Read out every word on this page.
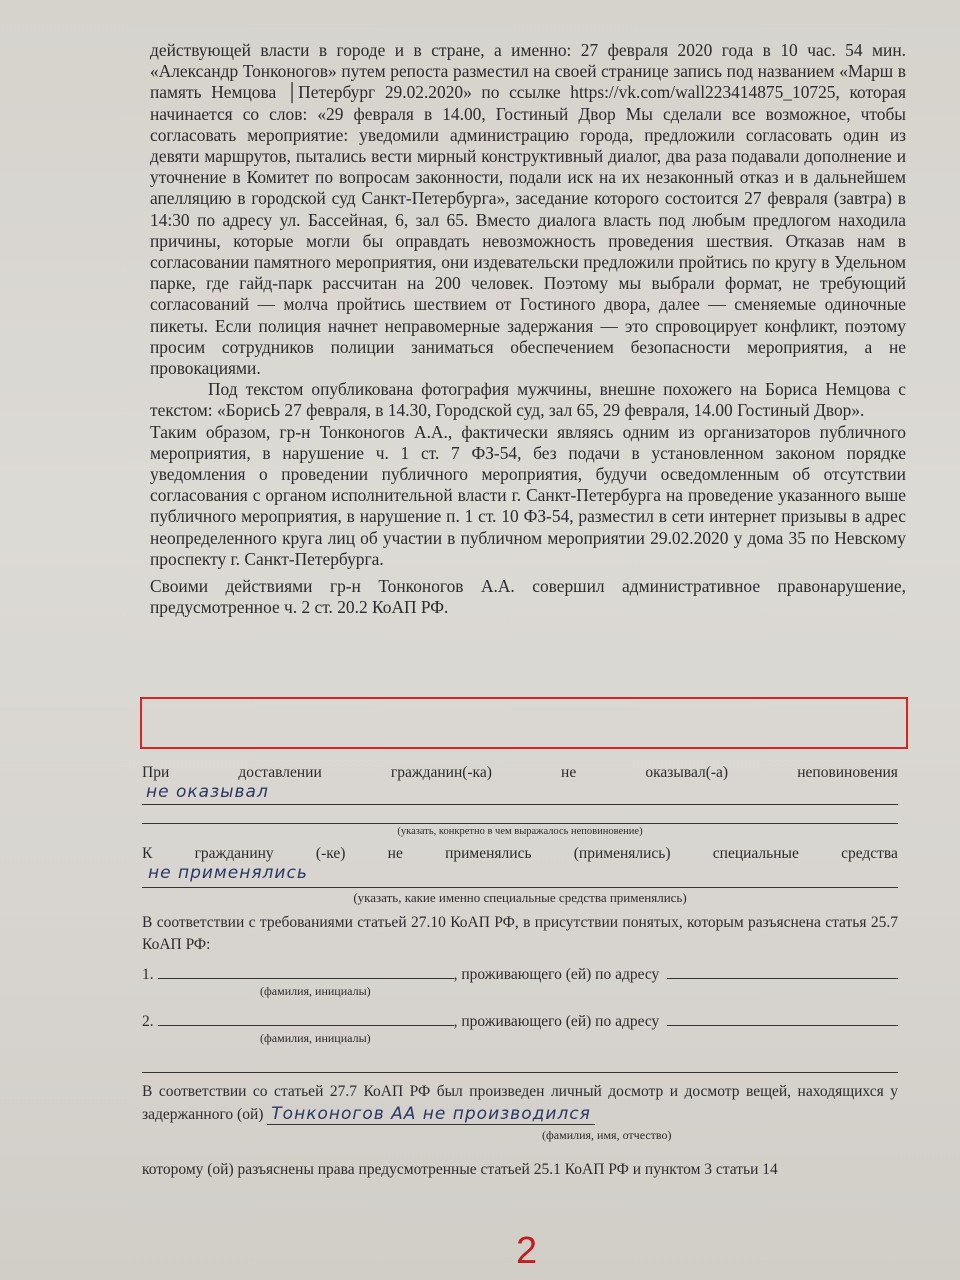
действующей власти в городе и в стране, а именно: 27 февраля 2020 года в 10 час. 54 мин. «Александр Тонконогов» путем репоста разместил на своей странице запись под названием «Марш в память Немцова │Петербург 29.02.2020» по ссылке https://vk.com/wall223414875_10725, которая начинается со слов: «29 февраля в 14.00, Гостиный Двор Мы сделали все возможное, чтобы согласовать мероприятие: уведомили администрацию города, предложили согласовать один из девяти маршрутов, пытались вести мирный конструктивный диалог, два раза подавали дополнение и уточнение в Комитет по вопросам законности, подали иск на их незаконный отказ и в дальнейшем апелляцию в городской суд Санкт-Петербурга», заседание которого состоится 27 февраля (завтра) в 14:30 по адресу ул. Бассейная, 6, зал 65. Вместо диалога власть под любым предлогом находила причины, которые могли бы оправдать невозможность проведения шествия. Отказав нам в согласовании памятного мероприятия, они издевательски предложили пройтись по кругу в Удельном парке, где гайд-парк рассчитан на 200 человек. Поэтому мы выбрали формат, не требующий согласований — молча пройтись шествием от Гостиного двора, далее — сменяемые одиночные пикеты. Если полиция начнет неправомерные задержания — это спровоцирует конфликт, поэтому просим сотрудников полиции заниматься обеспечением безопасности мероприятия, а не провокациями.

Под текстом опубликована фотография мужчины, внешне похожего на Бориса Немцова с текстом: «БорисЬ 27 февраля, в 14.30, Городской суд, зал 65, 29 февраля, 14.00 Гостиный Двор».

Таким образом, гр-н Тонконогов А.А., фактически являясь одним из организаторов публичного мероприятия, в нарушение ч. 1 ст. 7 ФЗ-54, без подачи в установленном законом порядке уведомления о проведении публичного мероприятия, будучи осведомленным об отсутствии согласования с органом исполнительной власти г. Санкт-Петербурга на проведение указанного выше публичного мероприятия, в нарушение п. 1 ст. 10 ФЗ-54, разместил в сети интернет призывы в адрес неопределенного круга лиц об участии в публичном мероприятии 29.02.2020 у дома 35 по Невскому проспекту г. Санкт-Петербурга.

Своими действиями гр-н Тонконогов А.А. совершил административное правонарушение, предусмотренное ч. 2 ст. 20.2 КоАП РФ.

При	доставлении	гражданин(-ка)	не	оказывал(-а)	неповиновения
не оказывал
(указать, конкретно в чем выражалось неповиновение)
К	гражданину	(-ке)	не	применялись	(применялись)	специальные	средства
не применялись
(указать, какие именно специальные средства применялись)
В соответствии с требованиями статьей 27.10 КоАП РФ, в присутствии понятых, которым разъяснена статья 25.7 КоАП РФ:
1.	, проживающего (ей) по адресу
(фамилия, инициалы)
2.	, проживающего (ей) по адресу
(фамилия, инициалы)
В соответствии со статьей 27.7 КоАП РФ был произведен личный досмотр и досмотр вещей, находящихся у задержанного (ой) Тонконогов АА не производился
(фамилия, имя, отчество)
которому (ой) разъяснены права предусмотренные статьей 25.1 КоАП РФ и пунктом 3 статьи 14
2
